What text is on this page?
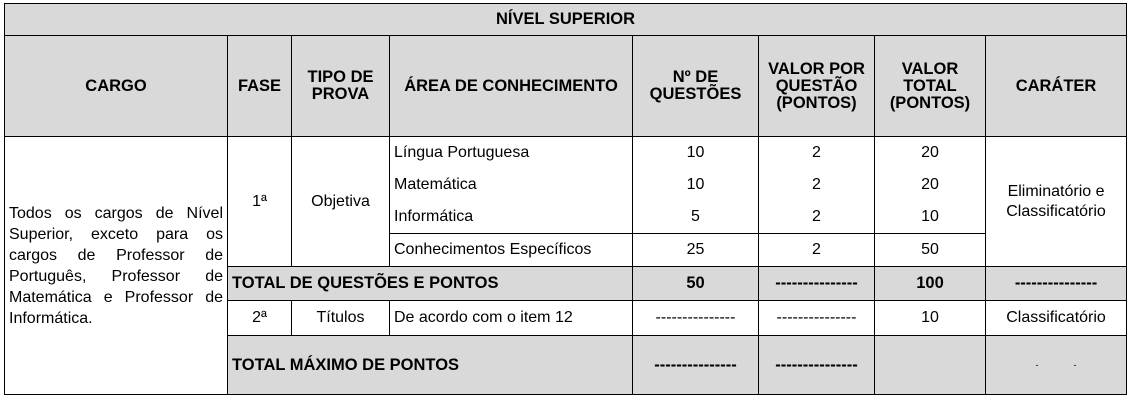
NÍVEL SUPERIOR							
CARGO	FASE	TIPO DE PROVA	ÁREA DE CONHECIMENTO	Nº DE QUESTÕES	VALOR POR QUESTÃO (PONTOS)	VALOR TOTAL (PONTOS)	CARÁTER
Todos os cargos de Nível Superior, exceto para os cargos de Professor de Português, Professor de Matemática e Professor de Informática.	1ª	Objetiva	Língua Portuguesa	10	2	20	Eliminatório e Classificatório
			Matemática	10	2	20	
			Informática	5	2	10	
			Conhecimentos Específicos	25	2	50	
	TOTAL DE QUESTÕES E PONTOS			50	---------------	100	---------------
	2ª	Títulos	De acordo com o item 12	---------------	---------------	10	Classificatório
	TOTAL MÁXIMO DE PONTOS			---------------	---------------		-              -
